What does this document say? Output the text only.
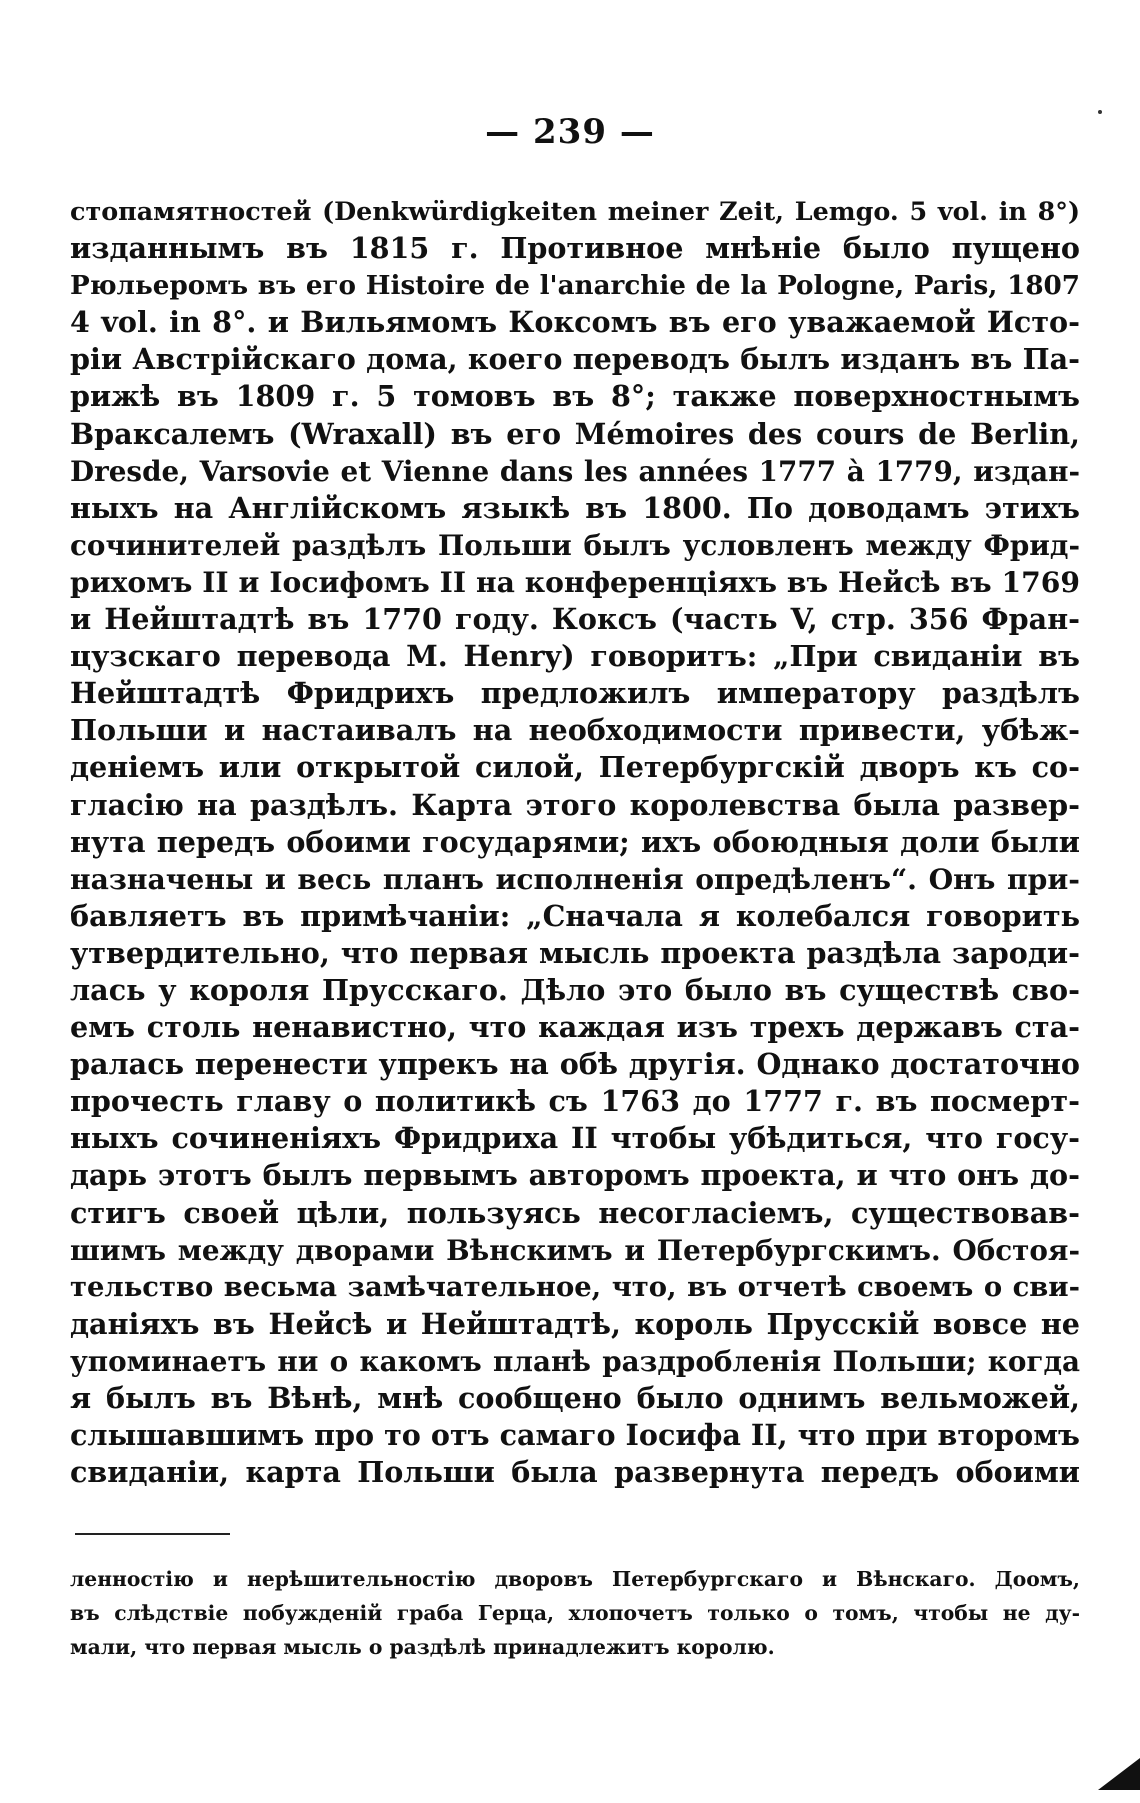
— 239 —
стопамятностей (Denkwürdigkeiten meiner Zeit, Lemgo. 5 vol. in 8°)
изданнымъ въ 1815 г. Противное мнѣніе было пущено
Рюльеромъ въ его Histoire de l'anarchie de la Pologne, Paris, 1807
4 vol. in 8°. и Вильямомъ Коксомъ въ его уважаемой Исто-
ріи Австрійскаго дома, коего переводъ былъ изданъ въ Па-
рижѣ въ 1809 г. 5 томовъ въ 8°; также поверхностнымъ
Враксалемъ (Wraxall) въ его Mémoires des cours de Berlin,
Dresde, Varsovie et Vienne dans les années 1777 à 1779, издан-
ныхъ на Англійскомъ языкѣ въ 1800. По доводамъ этихъ
сочинителей раздѣлъ Польши былъ условленъ между Фрид-
рихомъ II и Іосифомъ II на конференціяхъ въ Нейсѣ въ 1769
и Нейштадтѣ въ 1770 году. Коксъ (часть V, стр. 356 Фран-
цузскаго перевода М. Henry) говоритъ: „При свиданіи въ
Нейштадтѣ Фридрихъ предложилъ императору раздѣлъ
Польши и настаивалъ на необходимости привести, убѣж-
деніемъ или открытой силой, Петербургскій дворъ къ со-
гласію на раздѣлъ. Карта этого королевства была развер-
нута передъ обоими государями; ихъ обоюдныя доли были
назначены и весь планъ исполненія опредѣленъ“. Онъ при-
бавляетъ въ примѣчаніи: „Сначала я колебался говорить
утвердительно, что первая мысль проекта раздѣла зароди-
лась у короля Прусскаго. Дѣло это было въ существѣ сво-
емъ столь ненавистно, что каждая изъ трехъ державъ ста-
ралась перенести упрекъ на обѣ другія. Однако достаточно
прочесть главу о политикѣ съ 1763 до 1777 г. въ посмерт-
ныхъ сочиненіяхъ Фридриха II чтобы убѣдиться, что госу-
дарь этотъ былъ первымъ авторомъ проекта, и что онъ до-
стигъ своей цѣли, пользуясь несогласіемъ, существовав-
шимъ между дворами Вѣнскимъ и Петербургскимъ. Обстоя-
тельство весьма замѣчательное, что, въ отчетѣ своемъ о сви-
даніяхъ въ Нейсѣ и Нейштадтѣ, король Прусскій вовсе не
упоминаетъ ни о какомъ планѣ раздробленія Польши; когда
я былъ въ Вѣнѣ, мнѣ сообщено было однимъ вельможей,
слышавшимъ про то отъ самаго Іосифа II, что при второмъ
свиданіи, карта Польши была развернута передъ обоими
ленностію и нерѣшительностію дворовъ Петербургскаго и Вѣнскаго. Доомъ,
въ слѣдствіе побужденій граба Герца, хлопочетъ только о томъ, чтобы не ду-
мали, что первая мысль о раздѣлѣ принадлежитъ королю.
